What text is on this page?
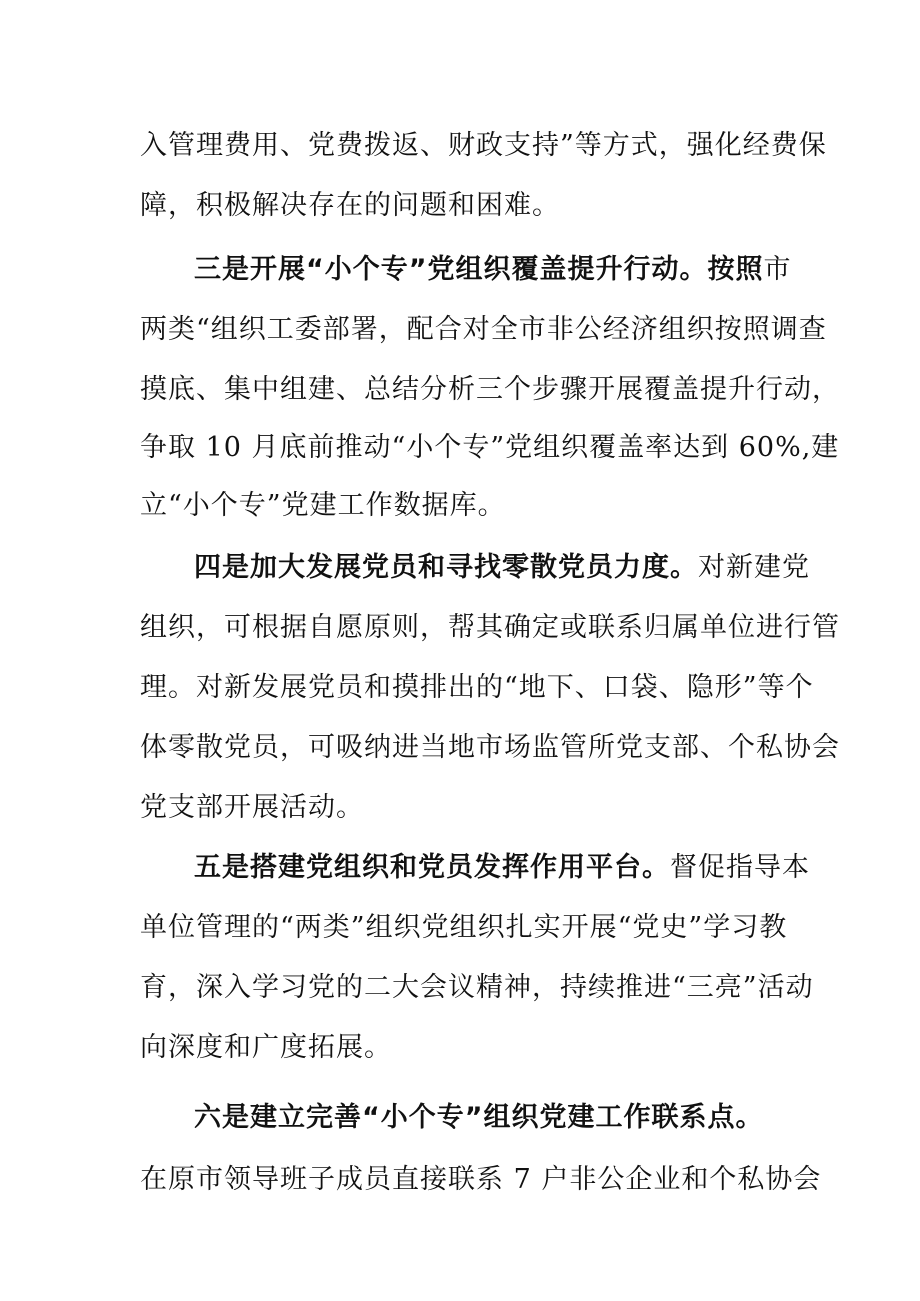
入管理费用、党费拨返、财政支持”等方式，强化经费保
障，积极解决存在的问题和困难。
三是开展“小个专”党组织覆盖提升行动。按照市
两类“组织工委部署，配合对全市非公经济组织按照调查
摸底、集中组建、总结分析三个步骤开展覆盖提升行动，
争取 10 月底前推动“小个专”党组织覆盖率达到 60%,建
立“小个专”党建工作数据库。
四是加大发展党员和寻找零散党员力度。对新建党
组织，可根据自愿原则，帮其确定或联系归属单位进行管
理。对新发展党员和摸排出的“地下、口袋、隐形”等个
体零散党员，可吸纳进当地市场监管所党支部、个私协会
党支部开展活动。
五是搭建党组织和党员发挥作用平台。督促指导本
单位管理的“两类”组织党组织扎实开展“党史”学习教
育，深入学习党的二大会议精神，持续推进“三亮”活动
向深度和广度拓展。
六是建立完善“小个专”组织党建工作联系点。
在原市领导班子成员直接联系 7 户非公企业和个私协会
